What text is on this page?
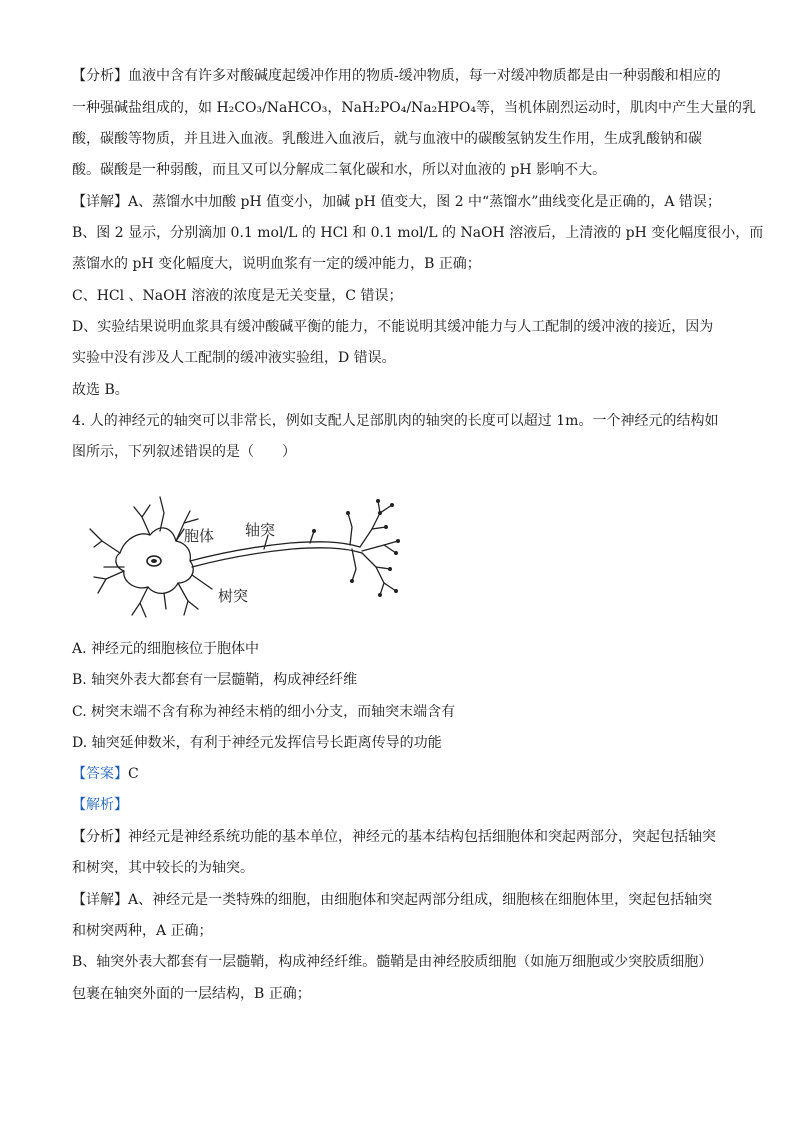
【分析】血液中含有许多对酸碱度起缓冲作用的物质-缓冲物质，每一对缓冲物质都是由一种弱酸和相应的
一种强碱盐组成的，如 H₂CO₃/NaHCO₃，NaH₂PO₄/Na₂HPO₄等，当机体剧烈运动时，肌肉中产生大量的乳
酸，碳酸等物质，并且进入血液。乳酸进入血液后，就与血液中的碳酸氢钠发生作用，生成乳酸钠和碳
酸。碳酸是一种弱酸，而且又可以分解成二氧化碳和水，所以对血液的 pH 影响不大。
【详解】A、蒸馏水中加酸 pH 值变小，加碱 pH 值变大，图 2 中“蒸馏水”曲线变化是正确的，A 错误；
B、图 2 显示，分别滴加 0.1 mol/L 的 HCl 和 0.1 mol/L 的 NaOH 溶液后，上清液的 pH 变化幅度很小，而
蒸馏水的 pH 变化幅度大，说明血浆有一定的缓冲能力，B 正确；
C、HCl 、NaOH 溶液的浓度是无关变量，C 错误；
D、实验结果说明血浆具有缓冲酸碱平衡的能力，不能说明其缓冲能力与人工配制的缓冲液的接近，因为
实验中没有涉及人工配制的缓冲液实验组，D 错误。
故选 B。
4. 人的神经元的轴突可以非常长，例如支配人足部肌肉的轴突的长度可以超过 1m。一个神经元的结构如
图所示，下列叙述错误的是（　　）
胞体 轴突
树突
A. 神经元的细胞核位于胞体中
B. 轴突外表大都套有一层髓鞘，构成神经纤维
C. 树突末端不含有称为神经末梢的细小分支，而轴突末端含有
D. 轴突延伸数米，有利于神经元发挥信号长距离传导的功能
【答案】C
【解析】
【分析】神经元是神经系统功能的基本单位，神经元的基本结构包括细胞体和突起两部分，突起包括轴突
和树突，其中较长的为轴突。
【详解】A、神经元是一类特殊的细胞，由细胞体和突起两部分组成，细胞核在细胞体里，突起包括轴突
和树突两种，A 正确；
B、轴突外表大都套有一层髓鞘，构成神经纤维。髓鞘是由神经胶质细胞（如施万细胞或少突胶质细胞）
包裹在轴突外面的一层结构，B 正确；
